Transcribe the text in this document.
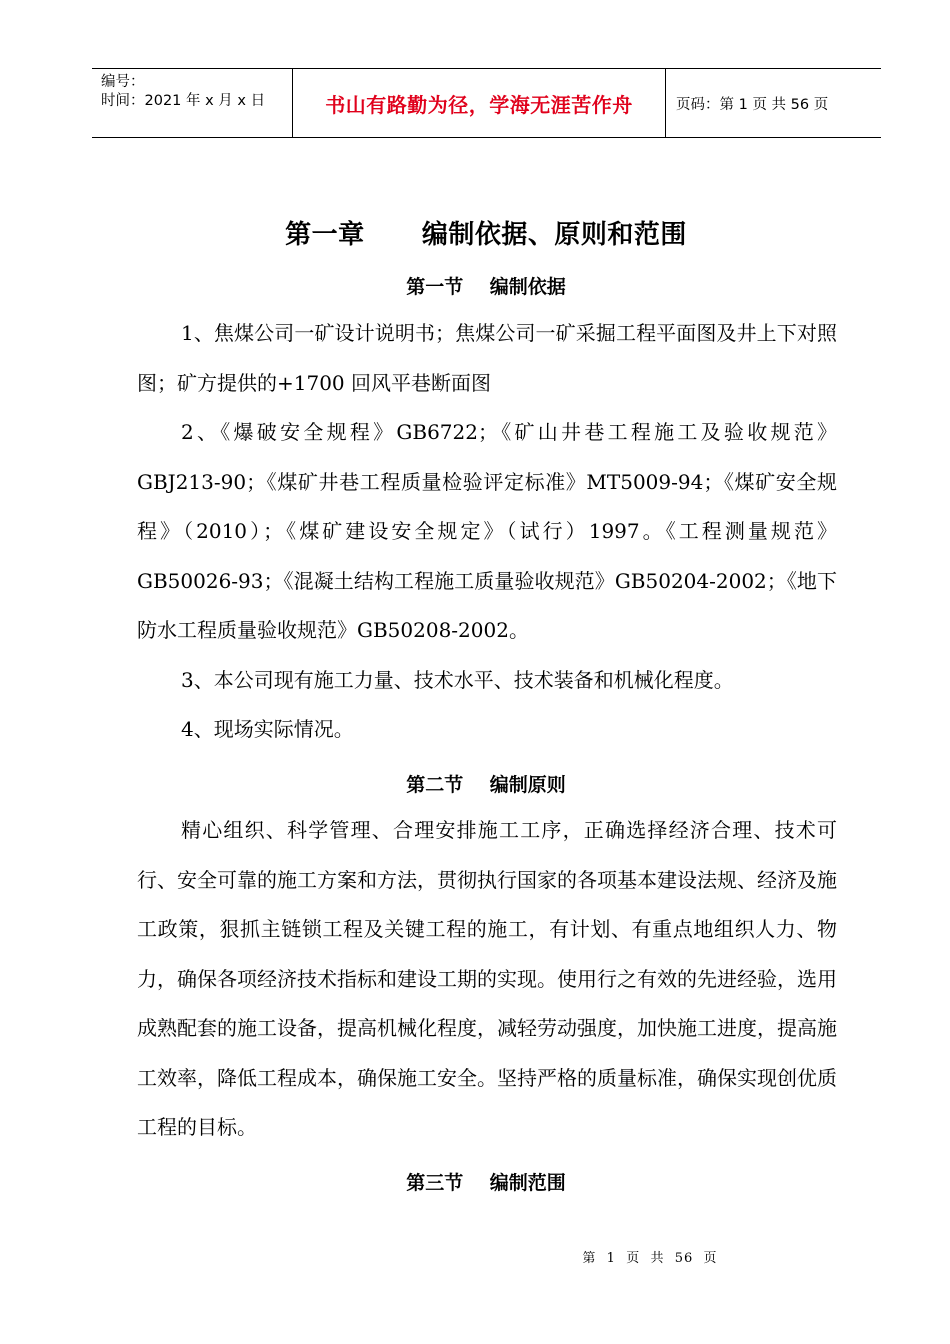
编号：
时间：2021 年 x 月 x 日	书山有路勤为径，学海无涯苦作舟	页码：第 1 页 共 56 页
第一章      编制依据、原则和范围
第一节    编制依据

1、焦煤公司一矿设计说明书；焦煤公司一矿采掘工程平面图及井上下对照图；矿方提供的+1700 回风平巷断面图

2、《爆破安全规程》GB6722；《矿山井巷工程施工及验收规范》GBJ213-90；《煤矿井巷工程质量检验评定标准》MT5009-94；《煤矿安全规程》（2010）；《煤矿建设安全规定》（试行）1997。《工程测量规范》GB50026-93；《混凝土结构工程施工质量验收规范》GB50204-2002；《地下防水工程质量验收规范》GB50208-2002。

3、本公司现有施工力量、技术水平、技术装备和机械化程度。

4、现场实际情况。

第二节    编制原则

精心组织、科学管理、合理安排施工工序，正确选择经济合理、技术可行、安全可靠的施工方案和方法，贯彻执行国家的各项基本建设法规、经济及施工政策，狠抓主链锁工程及关键工程的施工，有计划、有重点地组织人力、物力，确保各项经济技术指标和建设工期的实现。使用行之有效的先进经验，选用成熟配套的施工设备，提高机械化程度，减轻劳动强度，加快施工进度，提高施工效率，降低工程成本，确保施工安全。坚持严格的质量标准，确保实现创优质工程的目标。

第三节    编制范围
第  1  页  共  56  页
